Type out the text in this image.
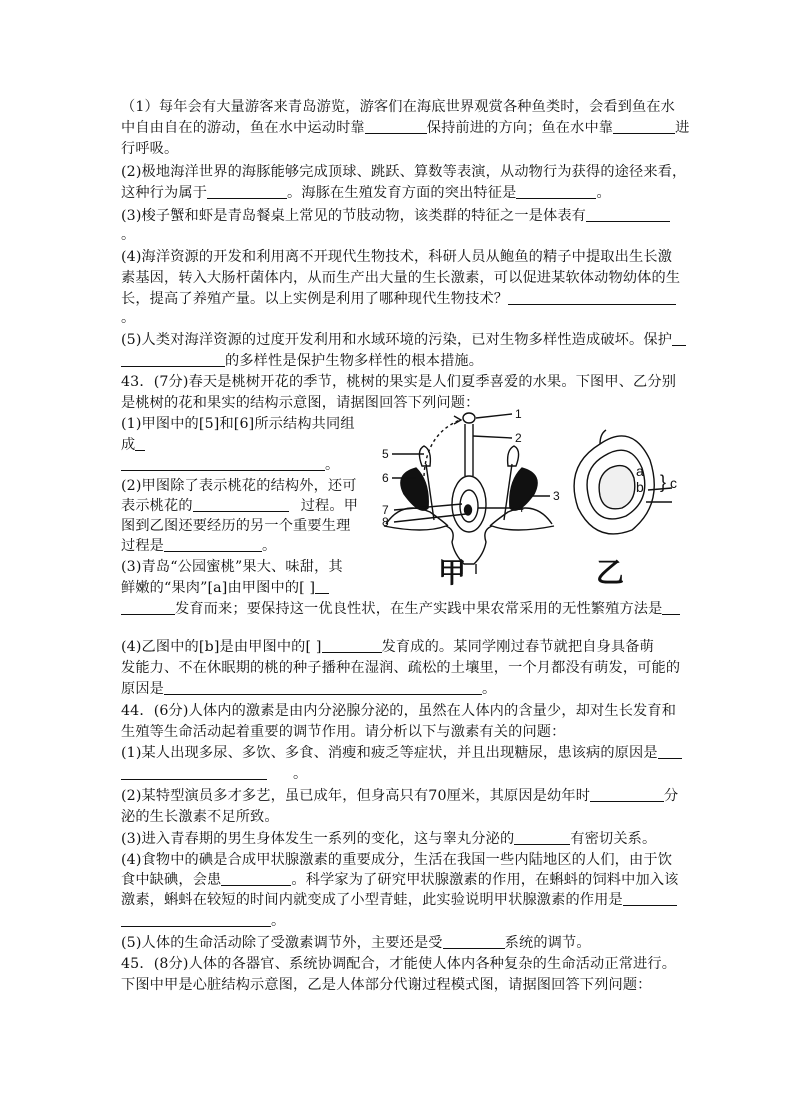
（1）每年会有大量游客来青岛游览，游客们在海底世界观赏各种鱼类时，会看到鱼在水
中自由自在的游动，鱼在水中运动时靠	保持前进的方向；鱼在水中靠	进
行呼吸。
(2)极地海洋世界的海豚能够完成顶球、跳跃、算数等表演，从动物行为获得的途径来看，
这种行为属于	。海豚在生殖发育方面的突出特征是	。
(3)梭子蟹和虾是青岛餐桌上常见的节肢动物，该类群的特征之一是体表有
。
(4)海洋资源的开发和利用离不开现代生物技术，科研人员从鲍鱼的精子中提取出生长激
素基因，转入大肠杆菌体内，从而生产出大量的生长激素，可以促进某软体动物幼体的生
长，提高了养殖产量。以上实例是利用了哪种现代生物技术？
。
(5)人类对海洋资源的过度开发利用和水域环境的污染，已对生物多样性造成破坏。保护
的多样性是保护生物多样性的根本措施。
43．(7分)春天是桃树开花的季节，桃树的果实是人们夏季喜爱的水果。下图甲、乙分别
是桃树的花和果实的结构示意图，请据图回答下列问题：
(1)甲图中的[5]和[6]所示结构共同组
成
。
(2)甲图除了表示桃花的结构外，还可
表示桃花的	过程。甲
图到乙图还要经历的另一个重要生理
过程是	。
(3)青岛“公园蜜桃”果大、味甜，其
鲜嫩的“果肉”[a]由甲图中的[ ]
发育而来；要保持这一优良性状，在生产实践中果农常采用的无性繁殖方法是
(4)乙图中的[b]是由甲图中的[ ]	发育成的。某同学刚过春节就把自身具备萌
发能力、不在休眠期的桃的种子播种在湿润、疏松的土壤里，一个月都没有萌发，可能的
原因是	。
44．(6分)人体内的激素是由内分泌腺分泌的，虽然在人体内的含量少，却对生长发育和
生殖等生命活动起着重要的调节作用。请分析以下与激素有关的问题：
(1)某人出现多尿、多饮、多食、消瘦和疲乏等症状，并且出现糖尿，患该病的原因是
。
(2)某特型演员多才多艺，虽已成年，但身高只有70厘米，其原因是幼年时	分
泌的生长激素不足所致。
(3)进入青春期的男生身体发生一系列的变化，这与睾丸分泌的	有密切关系。
(4)食物中的碘是合成甲状腺激素的重要成分，生活在我国一些内陆地区的人们，由于饮
食中缺碘，会患	。科学家为了研究甲状腺激素的作用，在蝌蚪的饲料中加入该
激素，蝌蚪在较短的时间内就变成了小型青蛙，此实验说明甲状腺激素的作用是
。
(5)人体的生命活动除了受激素调节外，主要还是受	系统的调节。
45．(8分)人体的各器官、系统协调配合，才能使人体内各种复杂的生命活动正常进行。
下图中甲是心脏结构示意图，乙是人体部分代谢过程模式图，请据图回答下列问题：
1
2
3
4
5
6
7
8
a
b } c
甲	乙
